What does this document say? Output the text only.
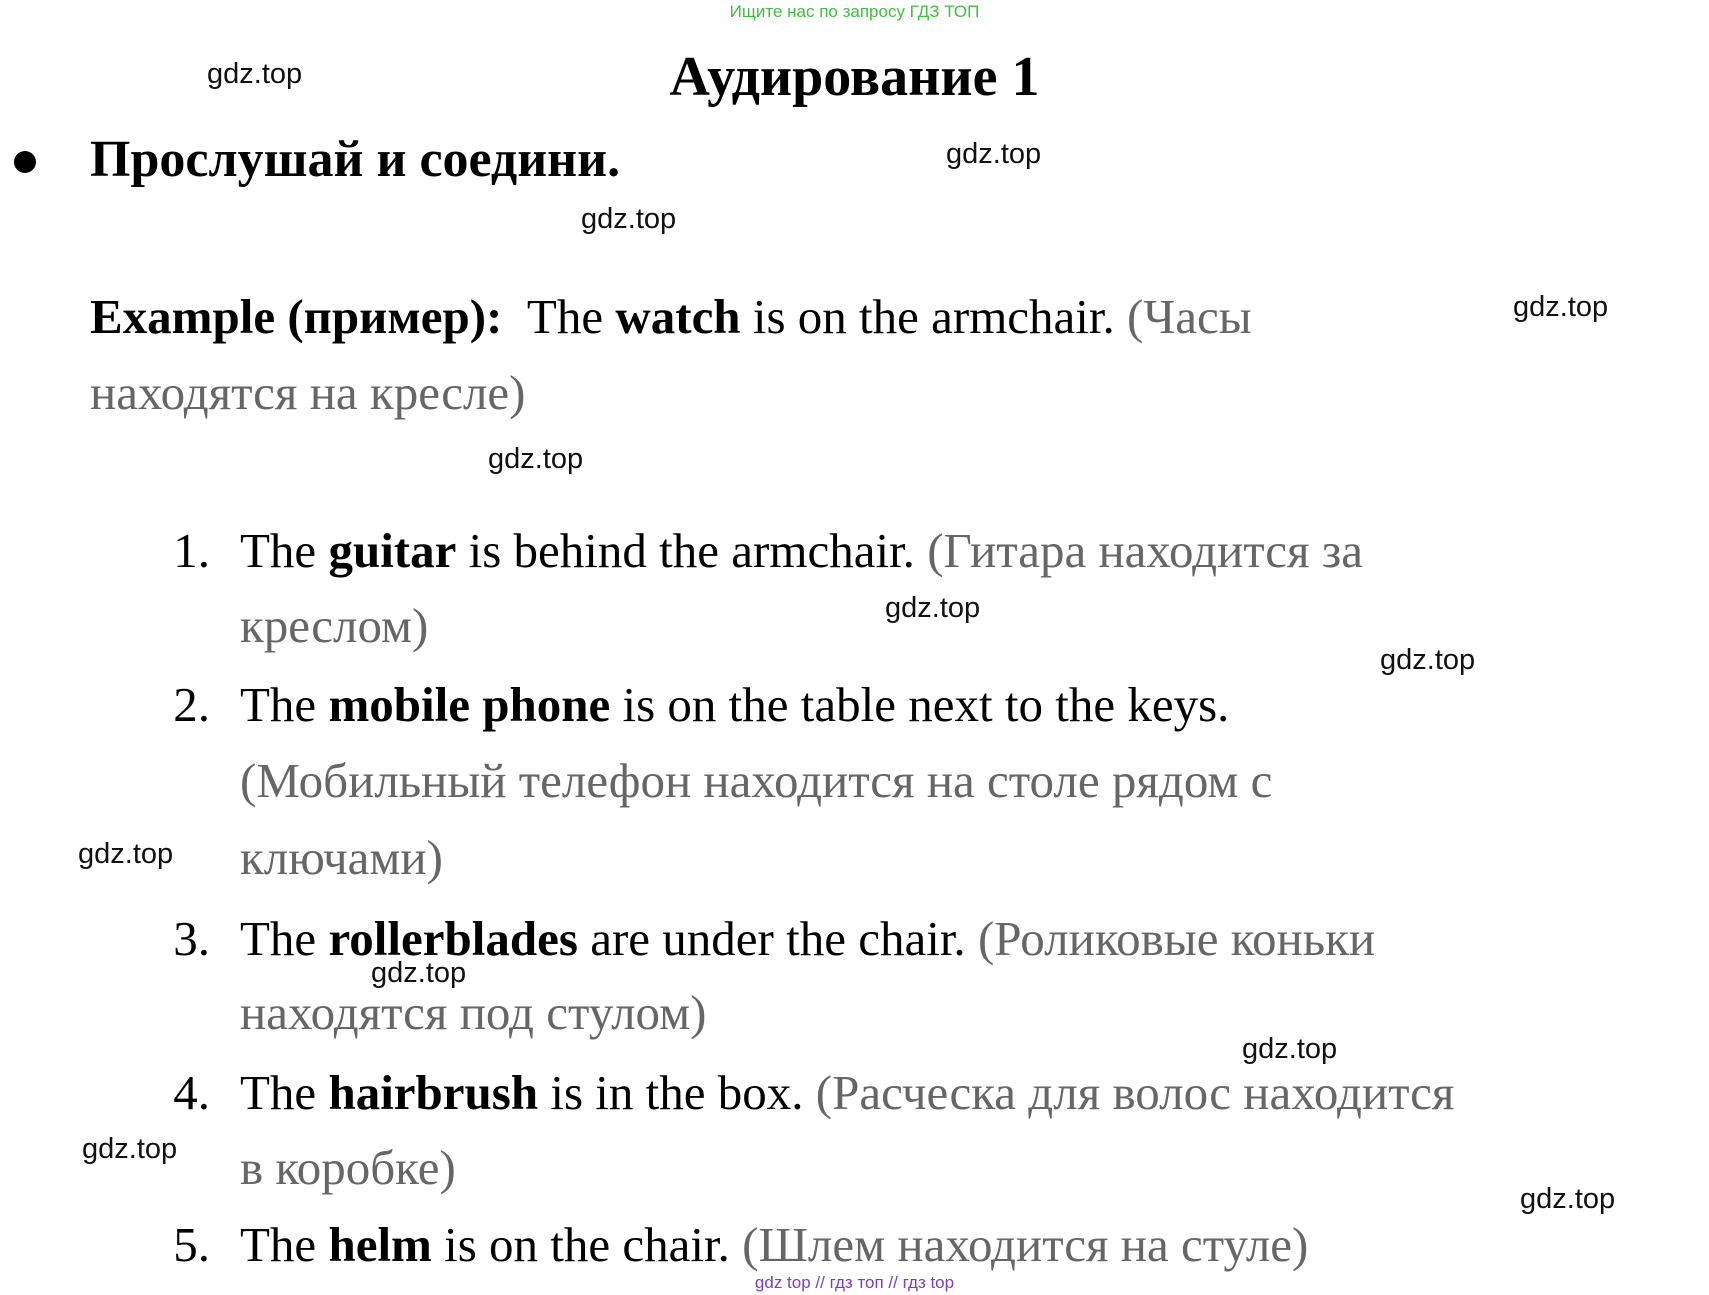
Ищите нас по запросу ГДЗ ТОП
Аудирование 1
Прослушай и соедини.
Example (пример): The watch is on the armchair. (Часы
находятся на кресле)
1. The guitar is behind the armchair. (Гитара находится за
креслом)
2. The mobile phone is on the table next to the keys.
(Мобильный телефон находится на столе рядом с
ключами)
3. The rollerblades are under the chair. (Роликовые коньки
находятся под стулом)
4. The hairbrush is in the box. (Расческа для волос находится
в коробке)
5. The helm is on the chair. (Шлем находится на стуле)
gdz.top
gdz.top
gdz.top
gdz.top
gdz.top
gdz.top
gdz.top
gdz.top
gdz.top
gdz.top
gdz.top
gdz.top
gdz top // гдз топ // гдз top
